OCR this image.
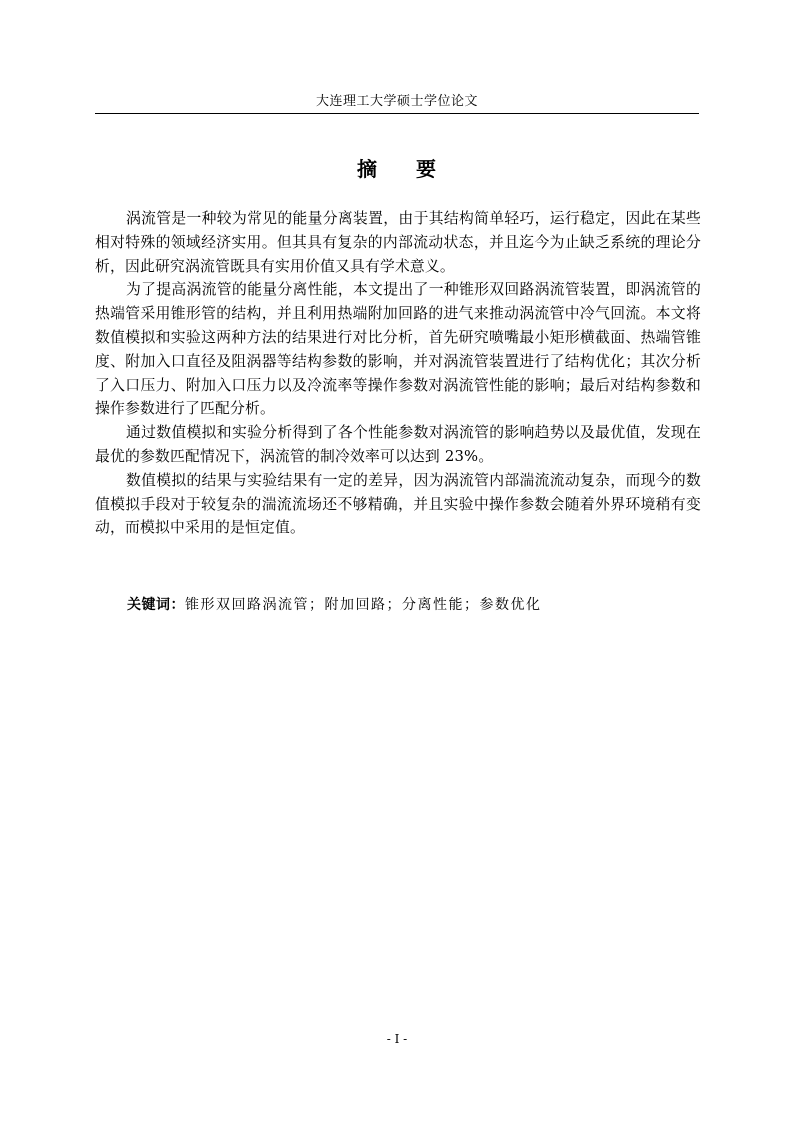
大连理工大学硕士学位论文
摘 要

涡流管是一种较为常见的能量分离装置，由于其结构简单轻巧，运行稳定，因此在某些相对特殊的领域经济实用。但其具有复杂的内部流动状态，并且迄今为止缺乏系统的理论分析，因此研究涡流管既具有实用价值又具有学术意义。

为了提高涡流管的能量分离性能，本文提出了一种锥形双回路涡流管装置，即涡流管的热端管采用锥形管的结构，并且利用热端附加回路的进气来推动涡流管中冷气回流。本文将数值模拟和实验这两种方法的结果进行对比分析，首先研究喷嘴最小矩形横截面、热端管锥度、附加入口直径及阻涡器等结构参数的影响，并对涡流管装置进行了结构优化；其次分析了入口压力、附加入口压力以及冷流率等操作参数对涡流管性能的影响；最后对结构参数和操作参数进行了匹配分析。

通过数值模拟和实验分析得到了各个性能参数对涡流管的影响趋势以及最优值，发现在最优的参数匹配情况下，涡流管的制冷效率可以达到 23%。

数值模拟的结果与实验结果有一定的差异，因为涡流管内部湍流流动复杂，而现今的数值模拟手段对于较复杂的湍流流场还不够精确，并且实验中操作参数会随着外界环境稍有变动，而模拟中采用的是恒定值。

关键词：锥形双回路涡流管；附加回路；分离性能；参数优化
- I -
